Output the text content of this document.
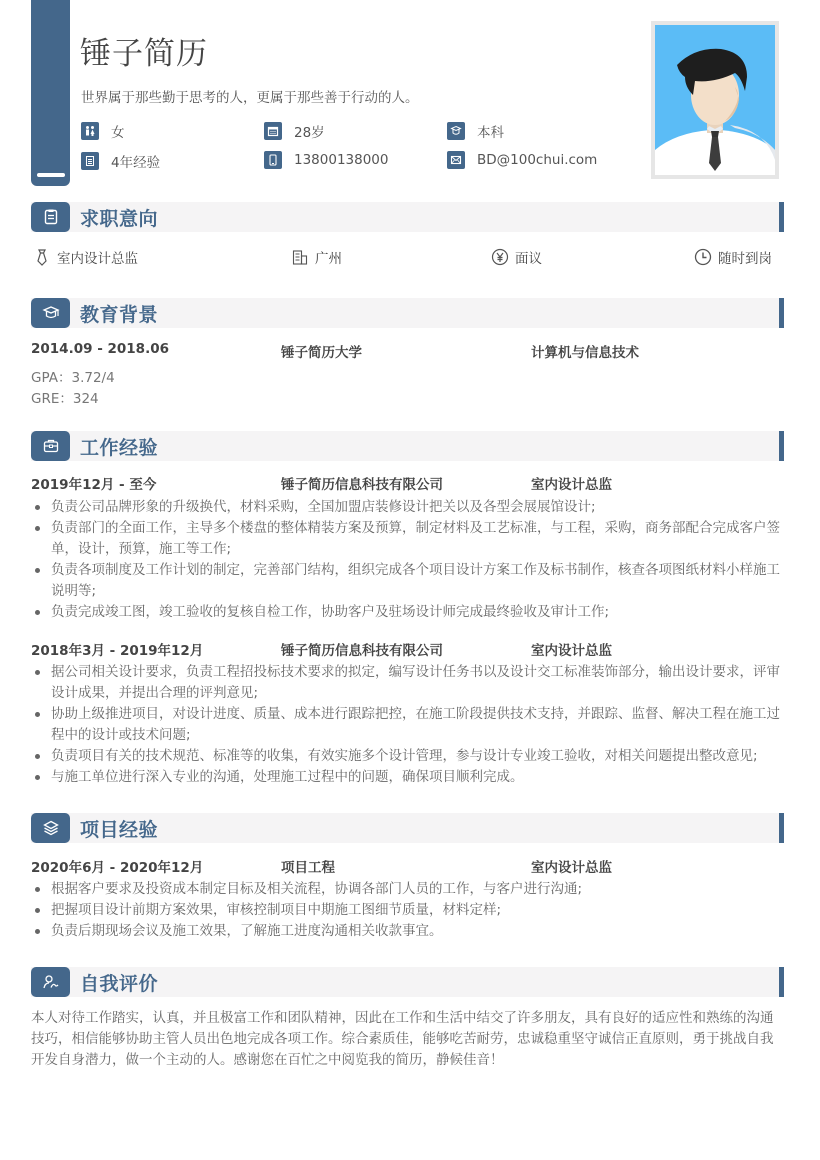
锤子简历
世界属于那些勤于思考的人，更属于那些善于行动的人。
女	28岁	本科
4年经验	13800138000	BD@100chui.com
求职意向
室内设计总监	广州	面议	随时到岗
教育背景
2014.09 - 2018.06	锤子简历大学	计算机与信息技术
GPA：3.72/4
GRE：324
工作经验
2019年12月 - 至今	锤子简历信息科技有限公司	室内设计总监
负责公司品牌形象的升级换代，材料采购，全国加盟店装修设计把关以及各型会展展馆设计;
负责部门的全面工作，主导多个楼盘的整体精装方案及预算，制定材料及工艺标准，与工程，采购，商务部配合完成客户签单，设计，预算，施工等工作;
负责各项制度及工作计划的制定，完善部门结构，组织完成各个项目设计方案工作及标书制作，核查各项图纸材料小样施工说明等;
负责完成竣工图，竣工验收的复核自检工作，协助客户及驻场设计师完成最终验收及审计工作;
2018年3月 - 2019年12月	锤子简历信息科技有限公司	室内设计总监
据公司相关设计要求，负责工程招投标技术要求的拟定，编写设计任务书以及设计交工标准装饰部分，输出设计要求，评审设计成果，并提出合理的评判意见;
协助上级推进项目，对设计进度、质量、成本进行跟踪把控，在施工阶段提供技术支持，并跟踪、监督、解决工程在施工过程中的设计或技术问题;
负责项目有关的技术规范、标准等的收集，有效实施多个设计管理，参与设计专业竣工验收，对相关问题提出整改意见;
与施工单位进行深入专业的沟通，处理施工过程中的问题，确保项目顺利完成。
项目经验
2020年6月 - 2020年12月	项目工程	室内设计总监
根据客户要求及投资成本制定目标及相关流程，协调各部门人员的工作，与客户进行沟通;
把握项目设计前期方案效果，审核控制项目中期施工图细节质量，材料定样;
负责后期现场会议及施工效果，了解施工进度沟通相关收款事宜。
自我评价
本人对待工作踏实，认真，并且极富工作和团队精神，因此在工作和生活中结交了许多朋友，具有良好的适应性和熟练的沟通技巧，相信能够协助主管人员出色地完成各项工作。综合素质佳，能够吃苦耐劳，忠诚稳重坚守诚信正直原则，勇于挑战自我开发自身潜力，做一个主动的人。感谢您在百忙之中阅览我的简历，静候佳音！
